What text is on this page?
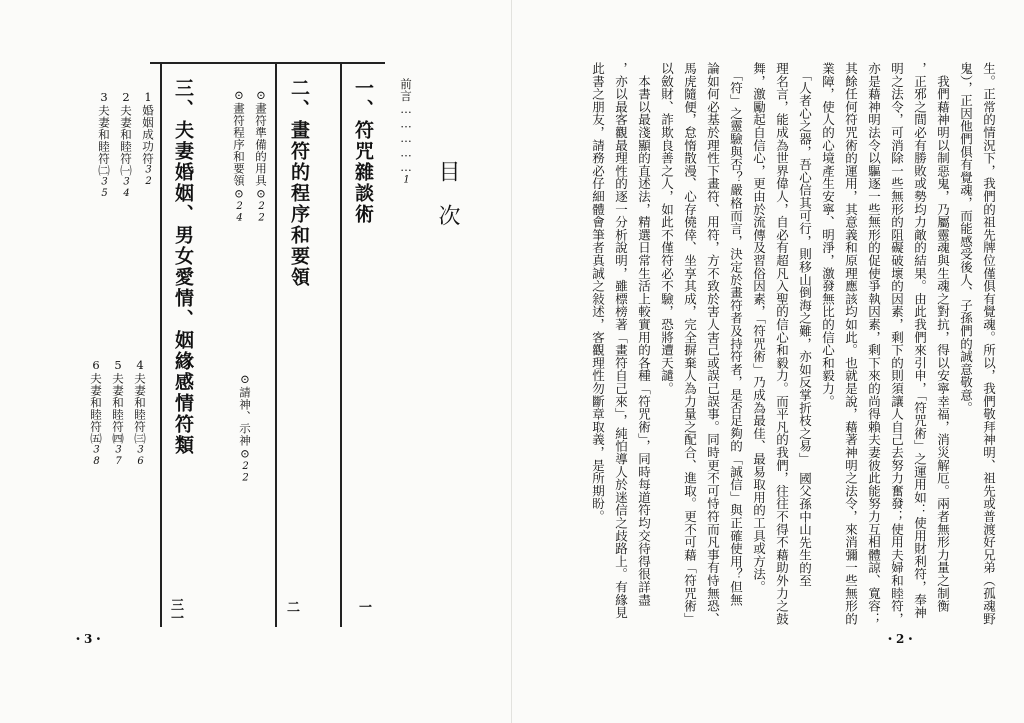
・3・
目次
前言……………1
一、符咒雜談術
一
二、畫符的程序和要領
二
⊙畫符準備的用具⊙22
⊙畫符程序和要領⊙24
⊙請神、示神⊙22
三、夫妻婚姻、男女愛情、姻緣感情符類
三一
1婚姻成功符32
2夫妻和睦符㈠34
3夫妻和睦符㈡35
4夫妻和睦符㈢36
5夫妻和睦符㈣37
6夫妻和睦符㈤38	生。正常的情況下，我們的祖先牌位僅俱有覺魂。所以，我們敬拜神明、祖先或普渡好兄弟（孤魂野
鬼），正因他們俱有覺魂，而能感受後人、子孫們的誠意敬意。
　我們藉神明以制惡鬼，乃屬靈魂與生魂之對抗，得以安寧幸福，消災解厄。兩者無形力量之制衡
，正邪之間必有勝敗或勢均力敵的結果。由此我們來引申，「符咒術」之運用如：使用財利符，奉神
明之法令，可消除一些無形的阻礙破壞的因素，剩下的則須讓人自己去努力奮發；使用夫婦和睦符，
亦是藉神明法令以驅逐一些無形的促使爭執因素，剩下來的尚得賴夫妻彼此能努力互相體諒、寬容；
其餘任何符咒術的運用，其意義和原理應該均如此。也就是說，藉著神明之法令，來消彌一些無形的
業障，使人的心境產生安寧、明淨，激發無比的信心和毅力。
　「人者心之器，吾心信其可行，則移山倒海之難，亦如反掌折枝之易」　國父孫中山先生的至
理名言，能成為世界偉人，自必有超凡入聖的信心和毅力。而平凡的我們，往往不得不藉助外力之鼓
舞，激勵起自信心，更由於流傳及習俗因素，「符咒術」乃成為最佳、最易取用的工具或方法。
　「符」之靈驗與否？嚴格而言，決定於畫符者及持符者，是否足夠的「誠信」與正確使用？但無
論如何必基於理性下畫符、用符，方不致於害人害己或誤己誤事。同時更不可恃符而凡事有恃無恐、
馬虎隨便，怠惰散漫、心存僥倖、坐享其成，完全摒棄人為力量之配合、進取。更不可藉「符咒術」
以斂財、詐欺良善之人，如此不僅符必不驗，恐將遭天譴。
　本書以最淺顯的直述法，精選日常生活上較實用的各種「符咒術」，同時每道符均交待得很詳盡
，亦以最客觀最理性的逐一分析說明，雖標榜著「畫符自己來」，純怕導人於迷信之歧路上。有緣見
此書之朋友，請務必仔細體會筆者真誠之敍述，客觀理性勿斷章取義，是所期盼。
・2・
